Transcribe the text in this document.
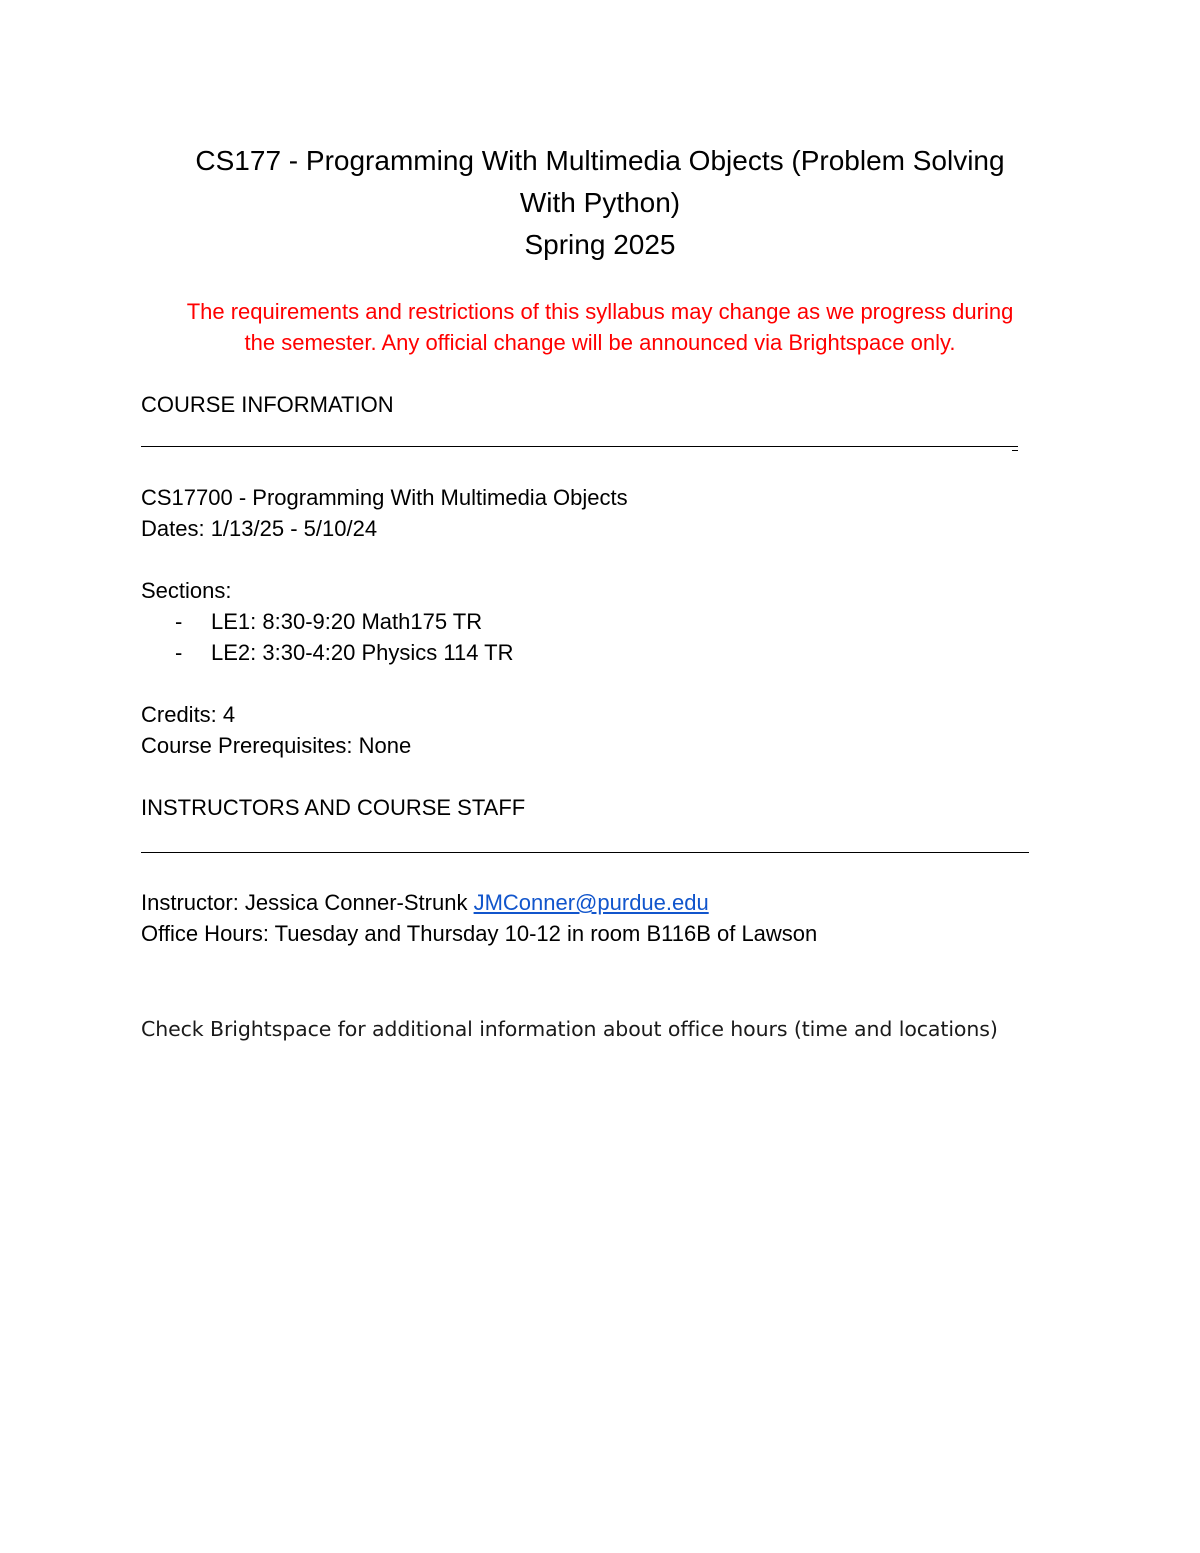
CS177 - Programming With Multimedia Objects (Problem Solving
With Python)
Spring 2025
The requirements and restrictions of this syllabus may change as we progress during
the semester. Any official change will be announced via Brightspace only.
COURSE INFORMATION
CS17700 - Programming With Multimedia Objects
Dates: 1/13/25 - 5/10/24
Sections:
- LE1: 8:30-9:20 Math175 TR
- LE2: 3:30-4:20 Physics 114 TR
Credits: 4
Course Prerequisites: None
INSTRUCTORS AND COURSE STAFF
Instructor: Jessica Conner-Strunk JMConner@purdue.edu
Office Hours: Tuesday and Thursday 10-12 in room B116B of Lawson
Check Brightspace for additional information about office hours (time and locations)
